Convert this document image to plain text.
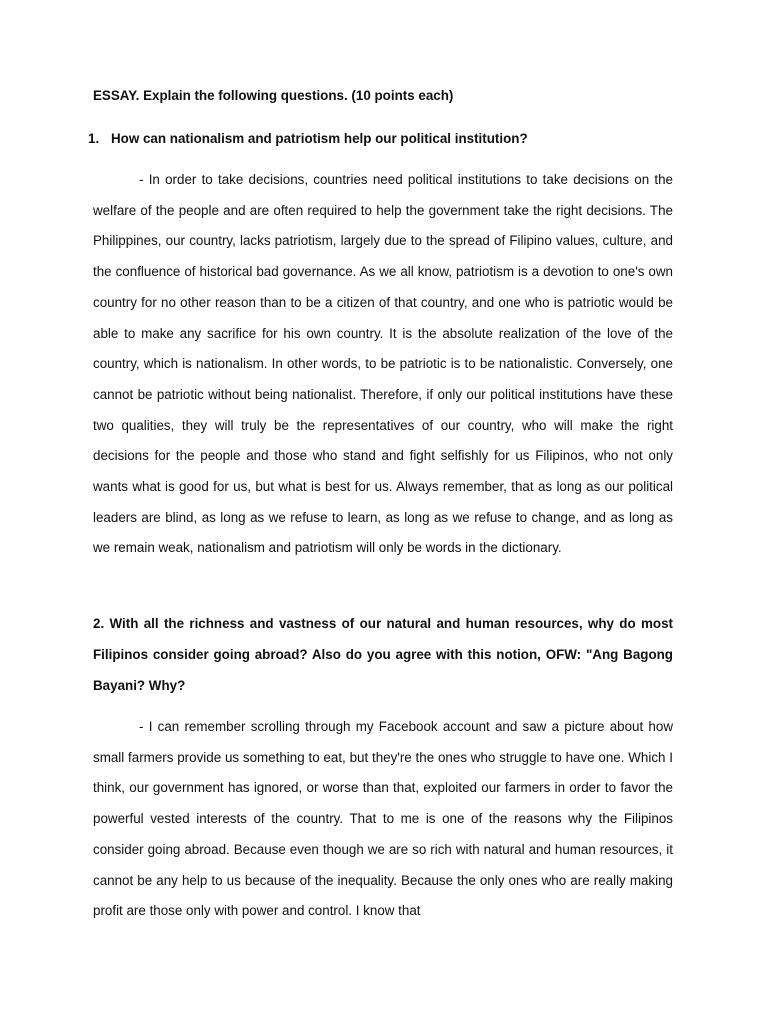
ESSAY. Explain the following questions. (10 points each)
1. How can nationalism and patriotism help our political institution?

- In order to take decisions, countries need political institutions to take decisions on the welfare of the people and are often required to help the government take the right decisions. The Philippines, our country, lacks patriotism, largely due to the spread of Filipino values, culture, and the confluence of historical bad governance. As we all know, patriotism is a devotion to one's own country for no other reason than to be a citizen of that country, and one who is patriotic would be able to make any sacrifice for his own country. It is the absolute realization of the love of the country, which is nationalism. In other words, to be patriotic is to be nationalistic. Conversely, one cannot be patriotic without being nationalist. Therefore, if only our political institutions have these two qualities, they will truly be the representatives of our country, who will make the right decisions for the people and those who stand and fight selfishly for us Filipinos, who not only wants what is good for us, but what is best for us. Always remember, that as long as our political leaders are blind, as long as we refuse to learn, as long as we refuse to change, and as long as we remain weak, nationalism and patriotism will only be words in the dictionary.

2. With all the richness and vastness of our natural and human resources, why do most Filipinos consider going abroad? Also do you agree with this notion, OFW: "Ang Bagong Bayani? Why?

- I can remember scrolling through my Facebook account and saw a picture about how small farmers provide us something to eat, but they're the ones who struggle to have one. Which I think, our government has ignored, or worse than that, exploited our farmers in order to favor the powerful vested interests of the country. That to me is one of the reasons why the Filipinos consider going abroad. Because even though we are so rich with natural and human resources, it cannot be any help to us because of the inequality. Because the only ones who are really making profit are those only with power and control. I know that
